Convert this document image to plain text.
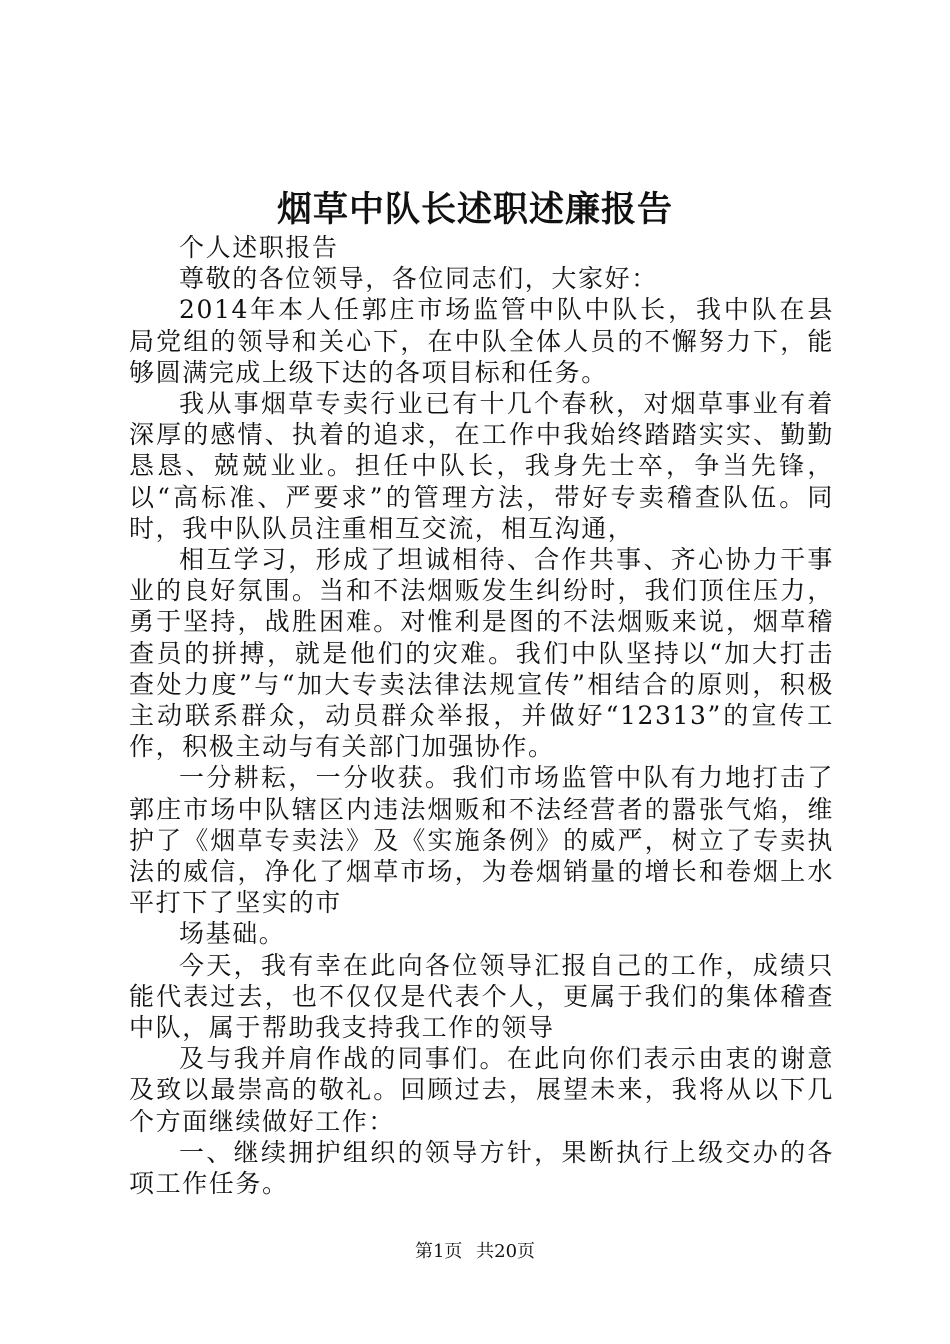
烟草中队长述职述廉报告

个人述职报告

尊敬的各位领导，各位同志们，大家好：

2014年本人任郭庄市场监管中队中队长，我中队在县局党组的领导和关心下，在中队全体人员的不懈努力下，能够圆满完成上级下达的各项目标和任务。

我从事烟草专卖行业已有十几个春秋，对烟草事业有着深厚的感情、执着的追求，在工作中我始终踏踏实实、勤勤恳恳、兢兢业业。担任中队长，我身先士卒，争当先锋，以“高标准、严要求”的管理方法，带好专卖稽查队伍。同时，我中队队员注重相互交流，相互沟通，

相互学习，形成了坦诚相待、合作共事、齐心协力干事业的良好氛围。当和不法烟贩发生纠纷时，我们顶住压力，勇于坚持，战胜困难。对惟利是图的不法烟贩来说，烟草稽查员的拼搏，就是他们的灾难。我们中队坚持以“加大打击查处力度”与“加大专卖法律法规宣传”相结合的原则，积极主动联系群众，动员群众举报，并做好“12313”的宣传工作，积极主动与有关部门加强协作。

一分耕耘，一分收获。我们市场监管中队有力地打击了郭庄市场中队辖区内违法烟贩和不法经营者的嚣张气焰，维护了《烟草专卖法》及《实施条例》的威严，树立了专卖执法的威信，净化了烟草市场，为卷烟销量的增长和卷烟上水平打下了坚实的市

场基础。

今天，我有幸在此向各位领导汇报自己的工作，成绩只能代表过去，也不仅仅是代表个人，更属于我们的集体稽查中队，属于帮助我支持我工作的领导

及与我并肩作战的同事们。在此向你们表示由衷的谢意及致以最崇高的敬礼。回顾过去，展望未来，我将从以下几个方面继续做好工作：

一、继续拥护组织的领导方针，果断执行上级交办的各项工作任务。

第1页 共20页
